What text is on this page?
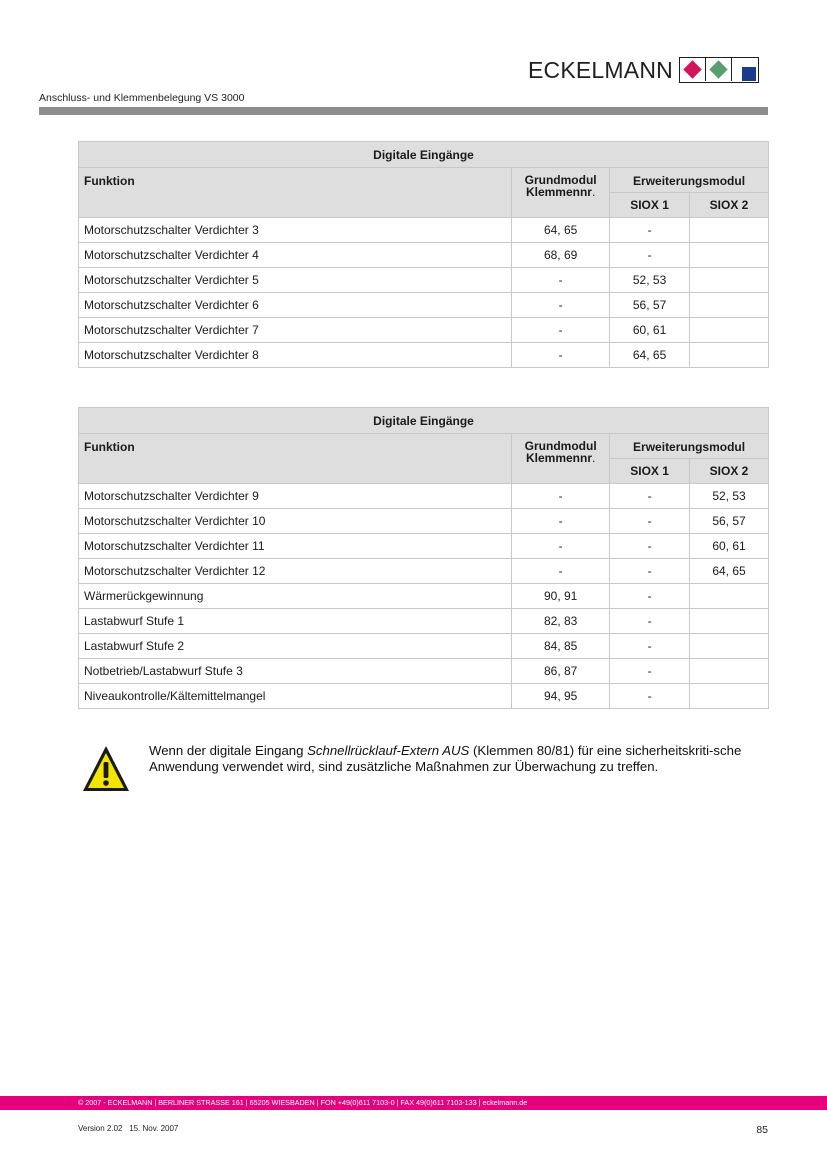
ECKELMANN
Anschluss- und Klemmenbelegung VS 3000
Digitale Eingänge			
Funktion	Grundmodul
Klemmennr.	Erweiterungsmodul	
		SIOX 1	SIOX 2
Motorschutzschalter Verdichter 3	64, 65	-	
Motorschutzschalter Verdichter 4	68, 69	-	
Motorschutzschalter Verdichter 5	-	52, 53	
Motorschutzschalter Verdichter 6	-	56, 57	
Motorschutzschalter Verdichter 7	-	60, 61	
Motorschutzschalter Verdichter 8	-	64, 65	
Digitale Eingänge			
Funktion	Grundmodul
Klemmennr.	Erweiterungsmodul	
		SIOX 1	SIOX 2
Motorschutzschalter Verdichter 9	-	-	52, 53
Motorschutzschalter Verdichter 10	-	-	56, 57
Motorschutzschalter Verdichter 11	-	-	60, 61
Motorschutzschalter Verdichter 12	-	-	64, 65
Wärmerückgewinnung	90, 91	-	
Lastabwurf Stufe 1	82, 83	-	
Lastabwurf Stufe 2	84, 85	-	
Notbetrieb/Lastabwurf Stufe 3	86, 87	-	
Niveaukontrolle/Kältemittelmangel	94, 95	-	
Wenn der digitale Eingang Schnellrücklauf-Extern AUS (Klemmen 80/81) für eine sicherheitskriti-sche Anwendung verwendet wird, sind zusätzliche Maßnahmen zur Überwachung zu treffen.
© 2007 - ECKELMANN | BERLINER STRASSE 161 | 65205 WIESBADEN | FON +49(0)611 7103-0 | FAX 49(0)611 7103-133 | eckelmann.de
Version 2.02   15. Nov. 2007	85
